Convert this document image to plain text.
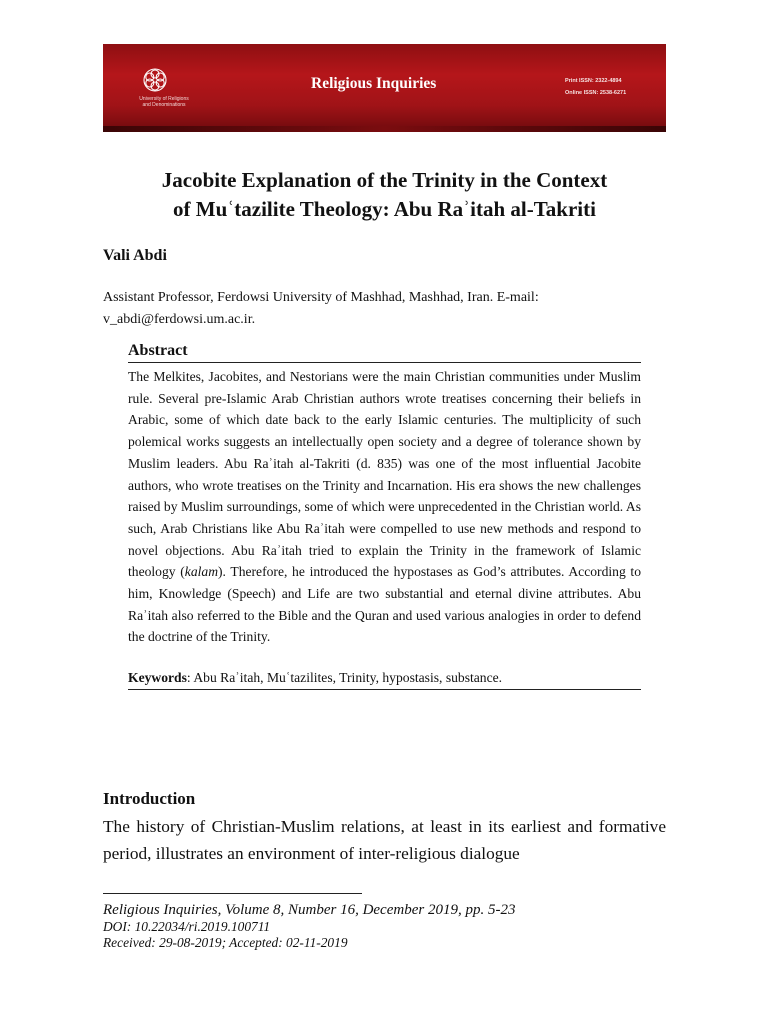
University of Religions
and Denominations
Religious Inquiries	Print ISSN: 2322-4894
Online ISSN: 2538-6271
Jacobite Explanation of the Trinity in the Context
of Muʿtazilite Theology: Abu Raʾitah al-Takriti

Vali Abdi

Assistant Professor, Ferdowsi University of Mashhad, Mashhad, Iran. E-mail:
v_abdi@ferdowsi.um.ac.ir.

Abstract

The Melkites, Jacobites, and Nestorians were the main Christian communities under Muslim rule. Several pre-Islamic Arab Christian authors wrote treatises concerning their beliefs in Arabic, some of which date back to the early Islamic centuries. The multiplicity of such polemical works suggests an intellectually open society and a degree of tolerance shown by Muslim leaders. Abu Raʾitah al-Takriti (d. 835) was one of the most influential Jacobite authors, who wrote treatises on the Trinity and Incarnation. His era shows the new challenges raised by Muslim surroundings, some of which were unprecedented in the Christian world. As such, Arab Christians like Abu Raʾitah were compelled to use new methods and respond to novel objections. Abu Raʾitah tried to explain the Trinity in the framework of Islamic theology (kalam). Therefore, he introduced the hypostases as God’s attributes. According to him, Knowledge (Speech) and Life are two substantial and eternal divine attributes. Abu Raʾitah also referred to the Bible and the Quran and used various analogies in order to defend the doctrine of the Trinity.

Keywords: Abu Raʾitah, Muʿtazilites, Trinity, hypostasis, substance.

Introduction

The history of Christian-Muslim relations, at least in its earliest and formative period, illustrates an environment of inter-religious dialogue

Religious Inquiries, Volume 8, Number 16, December 2019, pp. 5-23
DOI: 10.22034/ri.2019.100711
Received: 29-08-2019; Accepted: 02-11-2019
